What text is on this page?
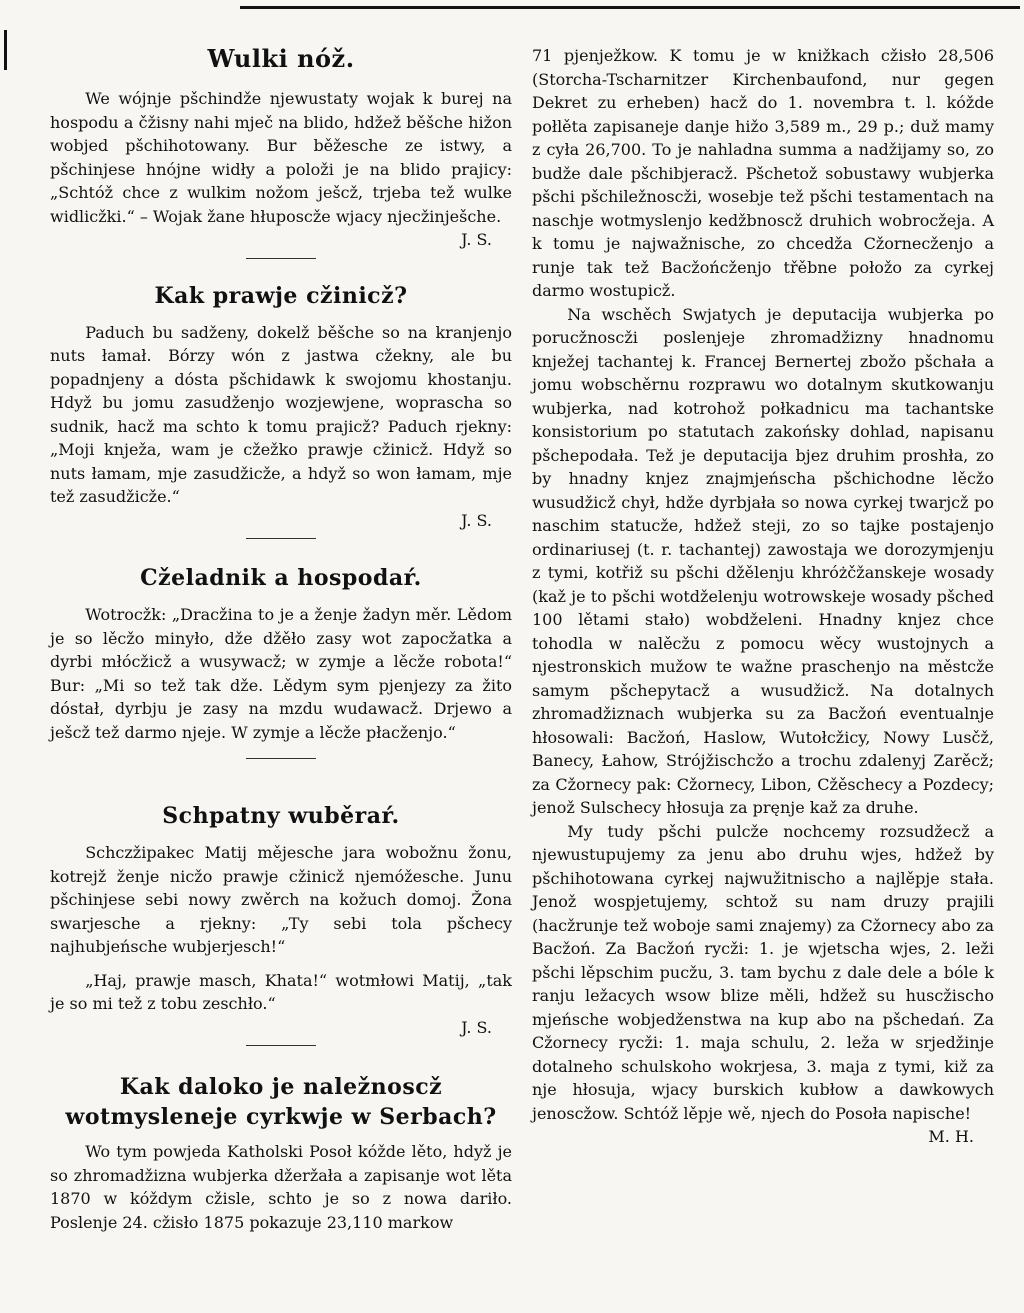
Wulki nóž.

We wójnje pšchindže njewustaty wojak k burej na hospodu a čžisny nahi mječ na blido, hdžež běšche hižon wobjed pšchihotowany. Bur běžesche ze istwy, a pšchinjese hnójne widły a položi je na blido prajicy: „Schtóž chce z wulkim nožom ješcž, trjeba tež wulke widlicžki.“ – Wojak žane hłuposcže wjacy njecžinješche.

J. S.

Kak prawje cžinicž?

Paduch bu sadženy, dokelž běšche so na kranjenjo nuts łamał. Bórzy wón z jastwa cžekny, ale bu popadnjeny a dósta pšchidawk k swojomu khostanju. Hdyž bu jomu zasudženjo wozjewjene, woprascha so sudnik, hacž ma schto k tomu prajicž? Paduch rjekny: „Moji knježa, wam je cžežko prawje cžinicž. Hdyž so nuts łamam, mje zasudžicže, a hdyž so won łamam, mje tež zasudžicže.“

J. S.

Cželadnik a hospodaŕ.

Wotrocžk: „Dracžina to je a ženje žadyn měr. Lědom je so lěcžo minyło, dže džěło zasy wot zapocžatka a dyrbi młócžicž a wusywacž; w zymje a lěcže robota!“ Bur: „Mi so tež tak dže. Lědym sym pjenjezy za žito dóstał, dyrbju je zasy na mzdu wudawacž. Drjewo a ješcž tež darmo njeje. W zymje a lěcže płacženjo.“

Schpatny wuběraŕ.

Schczžipakec Matij mějesche jara wobožnu žonu, kotrejž ženje nicžo prawje cžinicž njemóžesche. Junu pšchinjese sebi nowy zwěrch na kožuch domoj. Žona swarjesche a rjekny: „Ty sebi tola pšchecy najhubjeńsche wubjerjesch!“

„Haj, prawje masch, Khata!“ wotmłowi Matij, „tak je so mi tež z tobu zeschło.“

J. S.

Kak daloko je naležnoscž wotmysleneje cyrkwje w Serbach?

Wo tym powjeda Katholski Posoł kóžde lěto, hdyž je so zhromadžizna wubjerka džeržała a zapisanje wot lěta 1870 w kóždym cžisle, schto je so z nowa dariło. Poslenje 24. cžisło 1875 pokazuje 23,110 markow

71 pjenježkow. K tomu je w knižkach cžisło 28,506 (Storcha-Tscharnitzer Kirchenbaufond, nur gegen Dekret zu erheben) hacž do 1. novembra t. l. kóžde połlěta zapisaneje danje hižo 3,589 m., 29 p.; duž mamy z cyła 26,700. To je nahladna summa a nadžijamy so, zo budže dale pšchibjeracž. Pšchetož sobustawy wubjerka pšchi pšchiležnoscži, wosebje tež pšchi testamentach na naschje wotmyslenjo kedžbnoscž druhich wobrocžeja. A k tomu je najwažnische, zo chcedža Cžornecženjo a runje tak tež Bacžońcženjo třěbne połožo za cyrkej darmo wostupicž.

Na wschěch Swjatych je deputacija wubjerka po porucžnoscži poslenjeje zhromadžizny hnadnomu knježej tachantej k. Francej Bernertej zbožo pšchała a jomu wobschěrnu rozprawu wo dotalnym skutkowanju wubjerka, nad kotrohož połkadnicu ma tachantske konsistorium po statutach zakońsky dohlad, napisanu pšchepodała. Tež je deputacija bjez druhim proshła, zo by hnadny knjez znajmjeńscha pšchichodne lěcžo wusudžicž chył, hdže dyrbjała so nowa cyrkej twarjcž po naschim statucže, hdžež steji, zo so tajke postajenjo ordinariusej (t. r. tachantej) zawostaja we dorozymjenju z tymi, kotřiž su pšchi džělenju khróżčžanskeje wosady (kaž je to pšchi wotdželenju wotrowskeje wosady pšched 100 lětami stało) wobdželeni. Hnadny knjez chce tohodla w nalěcžu z pomocu wěcy wustojnych a njestronskich mužow te wažne praschenjo na městcže samym pšchepytacž a wusudžicž. Na dotalnych zhromadžiznach wubjerka su za Bacžoń eventualnje hłosowali: Bacžoń, Haslow, Wutołcžicy, Nowy Lusčž, Banecy, Łahow, Strójžischcžo a trochu zdalenyj Zarěcž; za Cžornecy pak: Cžornecy, Libon, Cžěschecy a Pozdecy; jenož Sulschecy hłosuja za pręnje kaž za druhe.

My tudy pšchi pulcže nochcemy rozsudžecž a njewustupujemy za jenu abo druhu wjes, hdžež by pšchihotowana cyrkej najwužitnischo a najlěpje stała. Jenož wospjetujemy, schtož su nam druzy prajili (hacžrunje tež woboje sami znajemy) za Cžornecy abo za Bacžoń. Za Bacžoń rycži: 1. je wjetscha wjes, 2. leži pšchi lěpschim pucžu, 3. tam bychu z dale dele a bóle k ranju ležacych wsow blize měli, hdžež su huscžischo mjeńsche wobjedženstwa na kup abo na pšchedań. Za Cžornecy rycži: 1. maja schulu, 2. leža w srjedžinje dotalneho schulskoho wokrjesa, 3. maja z tymi, kiž za nje hłosuja, wjacy burskich kubłow a dawkowych jenoscžow. Schtóž lěpje wě, njech do Posoła napische!

M. H.
